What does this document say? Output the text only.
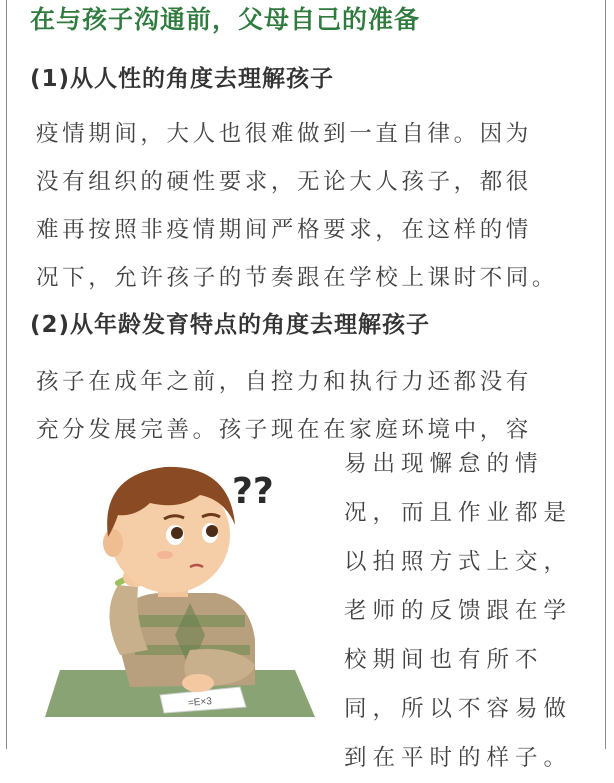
在与孩子沟通前，父母自己的准备
(1)从人性的角度去理解孩子
疫情期间，大人也很难做到一直自律。因为
没有组织的硬性要求，无论大人孩子，都很
难再按照非疫情期间严格要求，在这样的情
况下，允许孩子的节奏跟在学校上课时不同。
(2)从年龄发育特点的角度去理解孩子
孩子在成年之前，自控力和执行力还都没有
充分发展完善。孩子现在在家庭环境中，容
易出现懈怠的情
况，而且作业都是
以拍照方式上交，
老师的反馈跟在学
校期间也有所不
同，所以不容易做
到在平时的样子。
=E×3
??
